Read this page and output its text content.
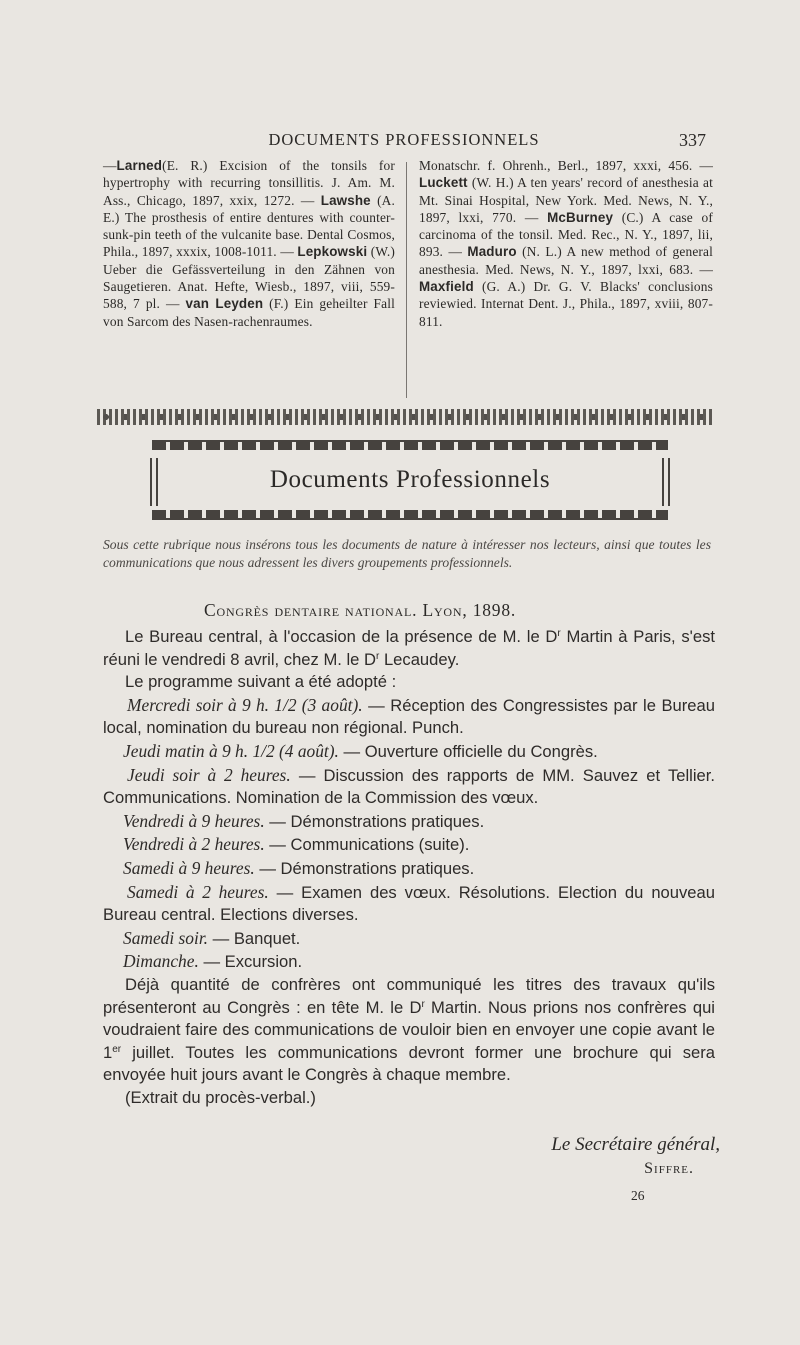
DOCUMENTS PROFESSIONNELS	337
—Larned(E. R.) Excision of the tonsils for hypertrophy with recurring tonsillitis. J. Am. M. Ass., Chicago, 1897, xxix, 1272. — Lawshe (A. E.) The prosthesis of entire dentures with counter-sunk-pin teeth of the vulcanite base. Dental Cosmos, Phila., 1897, xxxix, 1008-1011. — Lepkowski (W.) Ueber die Gefässverteilung in den Zähnen von Saugetieren. Anat. Hefte, Wiesb., 1897, viii, 559-588, 7 pl. — van Leyden (F.) Ein geheilter Fall von Sarcom des Nasen-rachenraumes.
Monatschr. f. Ohrenh., Berl., 1897, xxxi, 456. — Luckett (W. H.) A ten years' record of anesthesia at Mt. Sinai Hospital, New York. Med. News, N. Y., 1897, lxxi, 770. — McBurney (C.) A case of carcinoma of the tonsil. Med. Rec., N. Y., 1897, lii, 893. — Maduro (N. L.) A new method of general anesthesia. Med. News, N. Y., 1897, lxxi, 683. — Maxfield (G. A.) Dr. G. V. Blacks' conclusions reviewied. Internat Dent. J., Phila., 1897, xviii, 807-811.
Documents Professionnels
Sous cette rubrique nous insérons tous les documents de nature à intéresser nos lecteurs, ainsi que toutes les communications que nous adressent les divers groupements professionnels.
Congrès dentaire national. Lyon, 1898.

Le Bureau central, à l'occasion de la présence de M. le $D^r$ Martin à Paris, s'est réuni le vendredi 8 avril, chez M. le $D^r$ Lecaudey.

Le programme suivant a été adopté :

Mercredi soir à 9 h. 1/2 (3 août). — Réception des Congressistes par le Bureau local, nomination du bureau non régional. Punch.

Jeudi matin à 9 h. 1/2 (4 août). — Ouverture officielle du Congrès.

Jeudi soir à 2 heures. — Discussion des rapports de MM. Sauvez et Tellier. Communications. Nomination de la Commission des vœux.

Vendredi à 9 heures. — Démonstrations pratiques.

Vendredi à 2 heures. — Communications (suite).

Samedi à 9 heures. — Démonstrations pratiques.

Samedi à 2 heures. — Examen des vœux. Résolutions. Election du nouveau Bureau central. Elections diverses.

Samedi soir. — Banquet.

Dimanche. — Excursion.

Déjà quantité de confrères ont communiqué les titres des travaux qu'ils présenteront au Congrès : en tête M. le $D^r$ Martin. Nous prions nos confrères qui voudraient faire des communications de vouloir bien en envoyer une copie avant le 1er juillet. Toutes les communications devront former une brochure qui sera envoyée huit jours avant le Congrès à chaque membre.

(Extrait du procès-verbal.)

Le Secrétaire général,
Siffre.
26
